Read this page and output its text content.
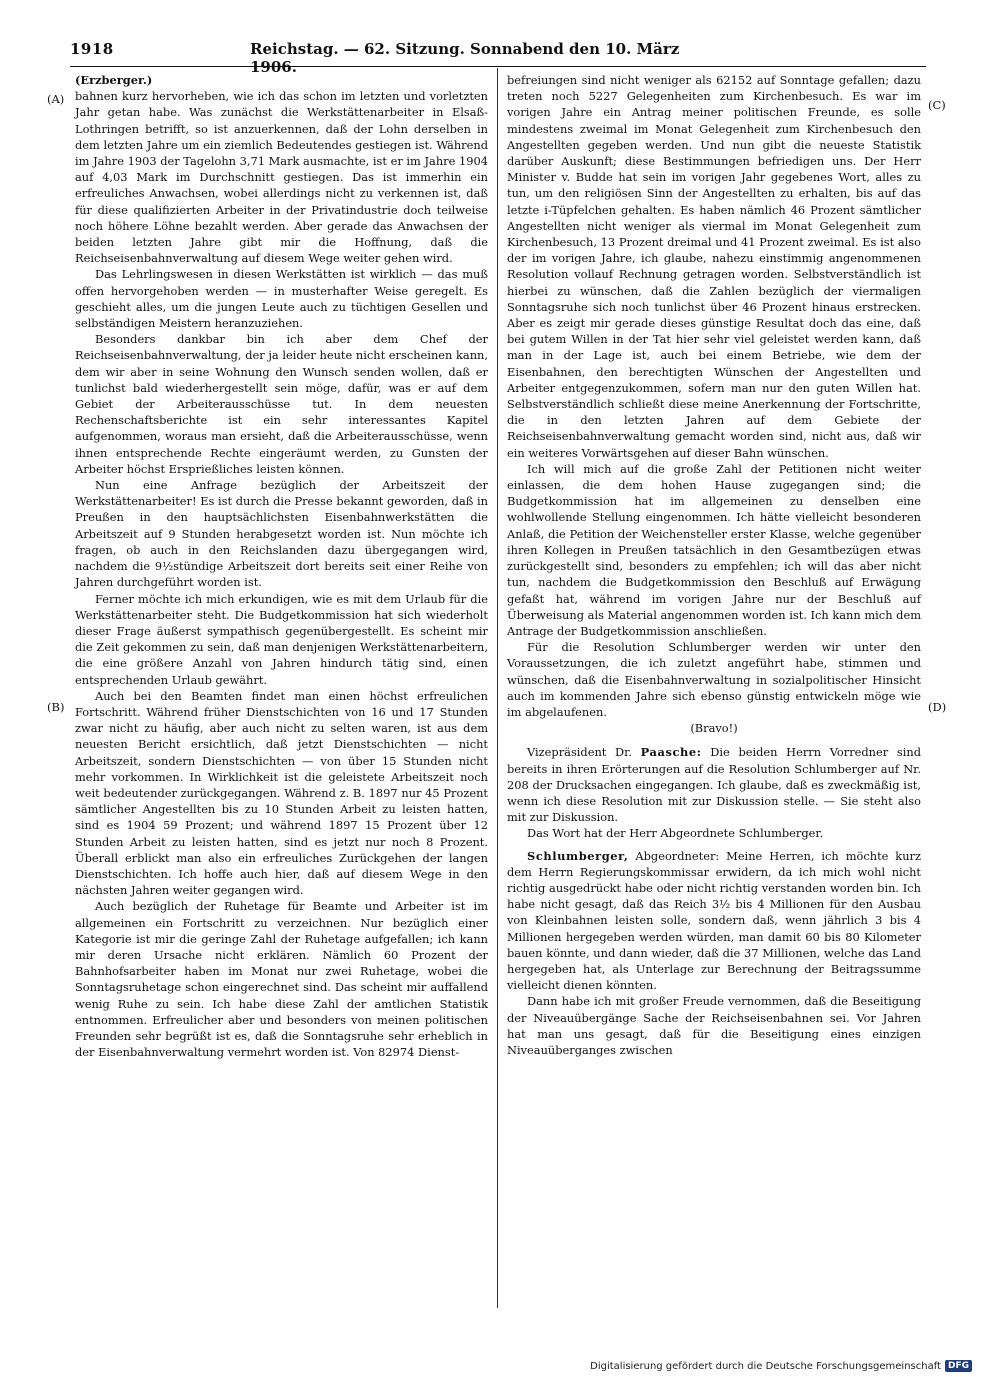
1918	Reichstag. — 62. Sitzung. Sonnabend den 10. März 1906.
(A)
(B)
(C)
(D)

(Erzberger.)

bahnen kurz hervorheben, wie ich das schon im letzten und vorletzten Jahr getan habe. Was zunächst die Werkstättenarbeiter in Elsaß-Lothringen betrifft, so ist anzuerkennen, daß der Lohn derselben in dem letzten Jahre um ein ziemlich Bedeutendes gestiegen ist. Während im Jahre 1903 der Tagelohn 3,71 Mark ausmachte, ist er im Jahre 1904 auf 4,03 Mark im Durchschnitt gestiegen. Das ist immerhin ein erfreuliches Anwachsen, wobei allerdings nicht zu verkennen ist, daß für diese qualifizierten Arbeiter in der Privatindustrie doch teilweise noch höhere Löhne bezahlt werden. Aber gerade das Anwachsen der beiden letzten Jahre gibt mir die Hoffnung, daß die Reichseisenbahnverwaltung auf diesem Wege weiter gehen wird.

Das Lehrlingswesen in diesen Werkstätten ist wirklich — das muß offen hervorgehoben werden — in musterhafter Weise geregelt. Es geschieht alles, um die jungen Leute auch zu tüchtigen Gesellen und selbständigen Meistern heranzuziehen.

Besonders dankbar bin ich aber dem Chef der Reichseisenbahnverwaltung, der ja leider heute nicht erscheinen kann, dem wir aber in seine Wohnung den Wunsch senden wollen, daß er tunlichst bald wiederhergestellt sein möge, dafür, was er auf dem Gebiet der Arbeiterausschüsse tut. In dem neuesten Rechenschaftsberichte ist ein sehr interessantes Kapitel aufgenommen, woraus man ersieht, daß die Arbeiterausschüsse, wenn ihnen entsprechende Rechte eingeräumt werden, zu Gunsten der Arbeiter höchst Ersprießliches leisten können.

Nun eine Anfrage bezüglich der Arbeitszeit der Werkstättenarbeiter! Es ist durch die Presse bekannt geworden, daß in Preußen in den hauptsächlichsten Eisenbahnwerkstätten die Arbeitszeit auf 9 Stunden herabgesetzt worden ist. Nun möchte ich fragen, ob auch in den Reichslanden dazu übergegangen wird, nachdem die 9½stündige Arbeitszeit dort bereits seit einer Reihe von Jahren durchgeführt worden ist.

Ferner möchte ich mich erkundigen, wie es mit dem Urlaub für die Werkstättenarbeiter steht. Die Budgetkommission hat sich wiederholt dieser Frage äußerst sympathisch gegenübergestellt. Es scheint mir die Zeit gekommen zu sein, daß man denjenigen Werkstättenarbeitern, die eine größere Anzahl von Jahren hindurch tätig sind, einen entsprechenden Urlaub gewährt.

Auch bei den Beamten findet man einen höchst erfreulichen Fortschritt. Während früher Dienstschichten von 16 und 17 Stunden zwar nicht zu häufig, aber auch nicht zu selten waren, ist aus dem neuesten Bericht ersichtlich, daß jetzt Dienstschichten — nicht Arbeitszeit, sondern Dienstschichten — von über 15 Stunden nicht mehr vorkommen. In Wirklichkeit ist die geleistete Arbeitszeit noch weit bedeutender zurückgegangen. Während z. B. 1897 nur 45 Prozent sämtlicher Angestellten bis zu 10 Stunden Arbeit zu leisten hatten, sind es 1904 59 Prozent; und während 1897 15 Prozent über 12 Stunden Arbeit zu leisten hatten, sind es jetzt nur noch 8 Prozent. Überall erblickt man also ein erfreuliches Zurückgehen der langen Dienstschichten. Ich hoffe auch hier, daß auf diesem Wege in den nächsten Jahren weiter gegangen wird.

Auch bezüglich der Ruhetage für Beamte und Arbeiter ist im allgemeinen ein Fortschritt zu verzeichnen. Nur bezüglich einer Kategorie ist mir die geringe Zahl der Ruhetage aufgefallen; ich kann mir deren Ursache nicht erklären. Nämlich 60 Prozent der Bahnhofsarbeiter haben im Monat nur zwei Ruhetage, wobei die Sonntagsruhetage schon eingerechnet sind. Das scheint mir auffallend wenig Ruhe zu sein. Ich habe diese Zahl der amtlichen Statistik entnommen. Erfreulicher aber und besonders von meinen politischen Freunden sehr begrüßt ist es, daß die Sonntagsruhe sehr erheblich in der Eisenbahnverwaltung vermehrt worden ist. Von 82974 Dienst-

befreiungen sind nicht weniger als 62152 auf Sonntage gefallen; dazu treten noch 5227 Gelegenheiten zum Kirchenbesuch. Es war im vorigen Jahre ein Antrag meiner politischen Freunde, es solle mindestens zweimal im Monat Gelegenheit zum Kirchenbesuch den Angestellten gegeben werden. Und nun gibt die neueste Statistik darüber Auskunft; diese Bestimmungen befriedigen uns. Der Herr Minister v. Budde hat sein im vorigen Jahr gegebenes Wort, alles zu tun, um den religiösen Sinn der Angestellten zu erhalten, bis auf das letzte i-Tüpfelchen gehalten. Es haben nämlich 46 Prozent sämtlicher Angestellten nicht weniger als viermal im Monat Gelegenheit zum Kirchenbesuch, 13 Prozent dreimal und 41 Prozent zweimal. Es ist also der im vorigen Jahre, ich glaube, nahezu einstimmig angenommenen Resolution vollauf Rechnung getragen worden. Selbstverständlich ist hierbei zu wünschen, daß die Zahlen bezüglich der viermaligen Sonntagsruhe sich noch tunlichst über 46 Prozent hinaus erstrecken. Aber es zeigt mir gerade dieses günstige Resultat doch das eine, daß bei gutem Willen in der Tat hier sehr viel geleistet werden kann, daß man in der Lage ist, auch bei einem Betriebe, wie dem der Eisenbahnen, den berechtigten Wünschen der Angestellten und Arbeiter entgegenzukommen, sofern man nur den guten Willen hat. Selbstverständlich schließt diese meine Anerkennung der Fortschritte, die in den letzten Jahren auf dem Gebiete der Reichseisenbahnverwaltung gemacht worden sind, nicht aus, daß wir ein weiteres Vorwärtsgehen auf dieser Bahn wünschen.

Ich will mich auf die große Zahl der Petitionen nicht weiter einlassen, die dem hohen Hause zugegangen sind; die Budgetkommission hat im allgemeinen zu denselben eine wohlwollende Stellung eingenommen. Ich hätte vielleicht besonderen Anlaß, die Petition der Weichensteller erster Klasse, welche gegenüber ihren Kollegen in Preußen tatsächlich in den Gesamtbezügen etwas zurückgestellt sind, besonders zu empfehlen; ich will das aber nicht tun, nachdem die Budgetkommission den Beschluß auf Erwägung gefaßt hat, während im vorigen Jahre nur der Beschluß auf Überweisung als Material angenommen worden ist. Ich kann mich dem Antrage der Budgetkommission anschließen.

Für die Resolution Schlumberger werden wir unter den Voraussetzungen, die ich zuletzt angeführt habe, stimmen und wünschen, daß die Eisenbahnverwaltung in sozialpolitischer Hinsicht auch im kommenden Jahre sich ebenso günstig entwickeln möge wie im abgelaufenen.

(Bravo!)

Vizepräsident Dr. Paasche: Die beiden Herrn Vorredner sind bereits in ihren Erörterungen auf die Resolution Schlumberger auf Nr. 208 der Drucksachen eingegangen. Ich glaube, daß es zweckmäßig ist, wenn ich diese Resolution mit zur Diskussion stelle. — Sie steht also mit zur Diskussion.

Das Wort hat der Herr Abgeordnete Schlumberger.

Schlumberger, Abgeordneter: Meine Herren, ich möchte kurz dem Herrn Regierungskommissar erwidern, da ich mich wohl nicht richtig ausgedrückt habe oder nicht richtig verstanden worden bin. Ich habe nicht gesagt, daß das Reich 3½ bis 4 Millionen für den Ausbau von Kleinbahnen leisten solle, sondern daß, wenn jährlich 3 bis 4 Millionen hergegeben werden würden, man damit 60 bis 80 Kilometer bauen könnte, und dann wieder, daß die 37 Millionen, welche das Land hergegeben hat, als Unterlage zur Berechnung der Beitragssumme vielleicht dienen könnten.

Dann habe ich mit großer Freude vernommen, daß die Beseitigung der Niveauübergänge Sache der Reichseisenbahnen sei. Vor Jahren hat man uns gesagt, daß für die Beseitigung eines einzigen Niveauüberganges zwischen

Digitalisierung gefördert durch die Deutsche Forschungsgemeinschaft DFG
